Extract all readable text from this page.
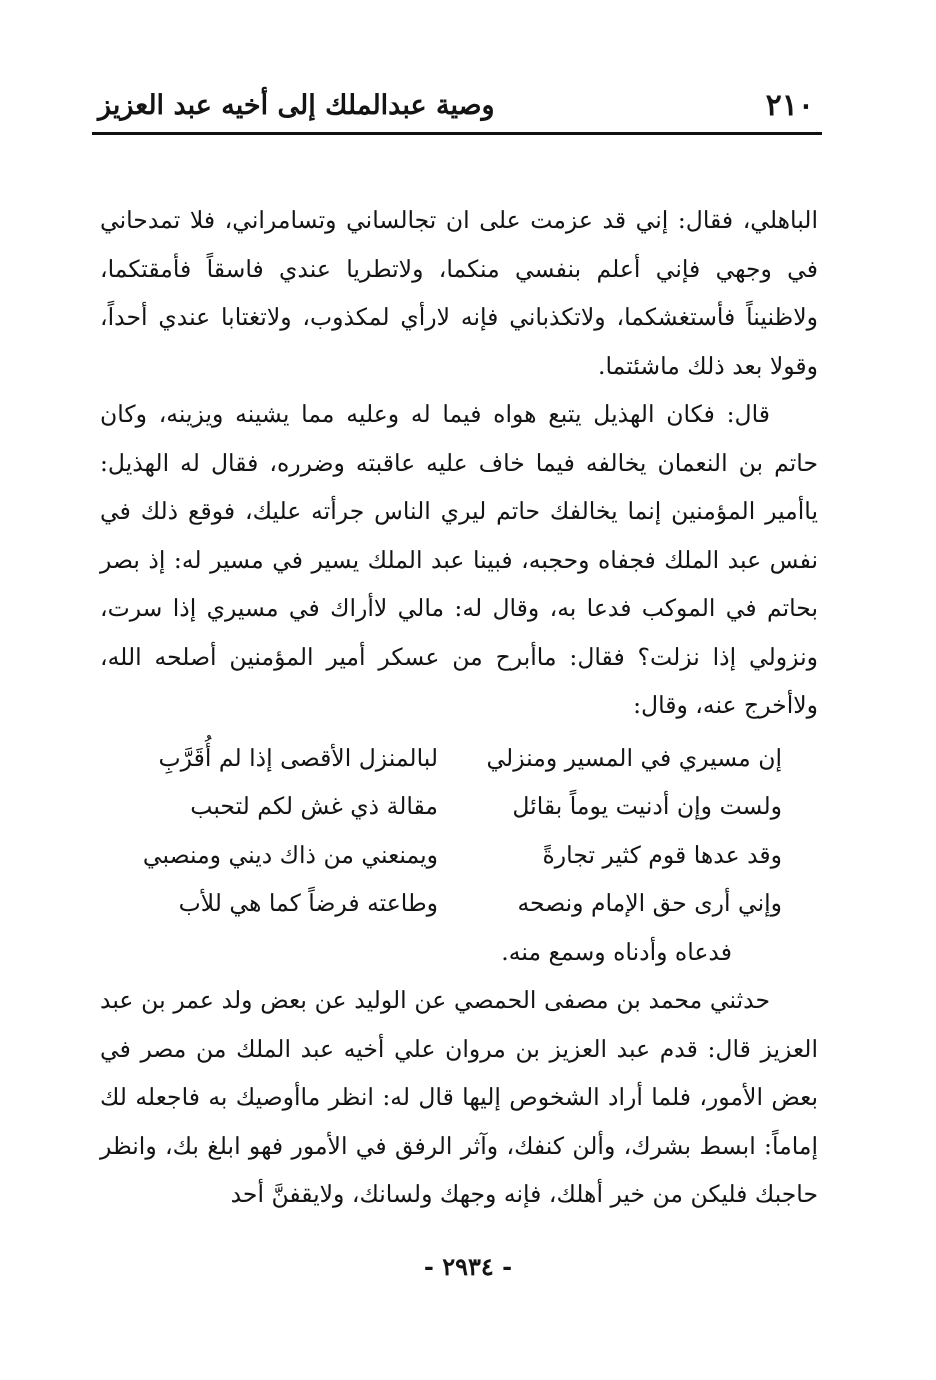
٢١٠
وصية عبدالملك إلى أخيه عبد العزيز

الباهلي، فقال: إني قد عزمت على ان تجالساني وتسامراني، فلا تمدحاني في وجهي فإني أعلم بنفسي منكما، ولاتطريا عندي فاسقاً فأمقتكما، ولاظنيناً فأستغشكما، ولاتكذباني فإنه لارأي لمكذوب، ولاتغتابا عندي أحداً، وقولا بعد ذلك ماشئتما.

قال: فكان الهذيل يتبع هواه فيما له وعليه مما يشينه ويزينه، وكان حاتم بن النعمان يخالفه فيما خاف عليه عاقبته وضرره، فقال له الهذيل: ياأمير المؤمنين إنما يخالفك حاتم ليري الناس جرأته عليك، فوقع ذلك في نفس عبد الملك فجفاه وحجبه، فبينا عبد الملك يسير في مسير له: إذ بصر بحاتم في الموكب فدعا به، وقال له: مالي لاأراك في مسيري إذا سرت، ونزولي إذا نزلت؟ فقال: ماأبرح من عسكر أمير المؤمنين أصلحه الله، ولاأخرج عنه، وقال:

إن مسيري في المسير ومنزلي
لبالمنزل الأقصى إذا لم أُقَرَّبِ
ولست وإن أدنيت يوماً بقائل
مقالة ذي غش لكم لتحبب
وقد عدها قوم كثير تجارةً
ويمنعني من ذاك ديني ومنصبي
وإني أرى حق الإمام ونصحه
وطاعته فرضاً كما هي للأب

فدعاه وأدناه وسمع منه.

حدثني محمد بن مصفى الحمصي عن الوليد عن بعض ولد عمر بن عبد العزيز قال: قدم عبد العزيز بن مروان علي أخيه عبد الملك من مصر في بعض الأمور، فلما أراد الشخوص إليها قال له: انظر ماأوصيك به فاجعله لك إماماً: ابسط بشرك، وألن كنفك، وآثر الرفق في الأمور فهو ابلغ بك، وانظر حاجبك فليكن من خير أهلك، فإنه وجهك ولسانك، ولايقفنَّ أحد

- ٢٩٣٤ -
